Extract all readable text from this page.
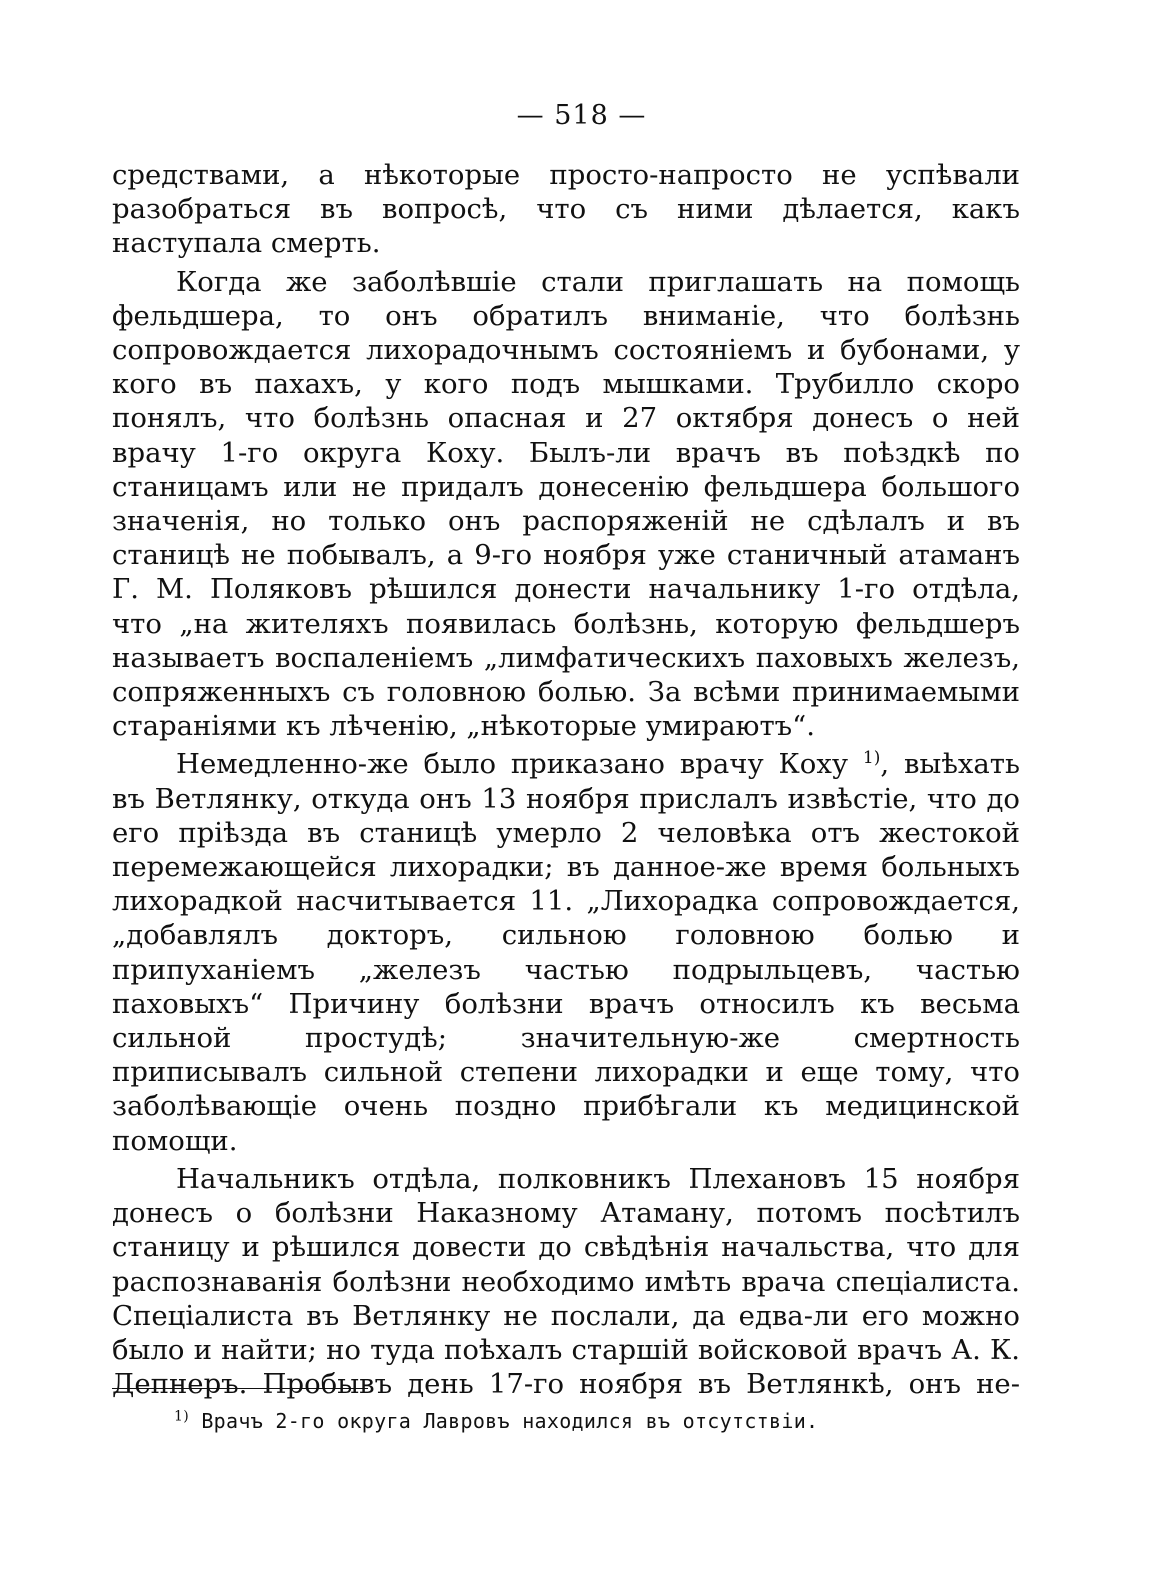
— 518 —

средствами, а нѣкоторые просто-напросто не успѣвали разобраться въ вопросѣ, что съ ними дѣлается, какъ наступала смерть.

Когда же заболѣвшіе стали приглашать на помощь фельдшера, то онъ обратилъ вниманіе, что болѣзнь сопровождается лихорадочнымъ состояніемъ и бубонами, у кого въ пахахъ, у кого подъ мышками. Трубилло скоро понялъ, что болѣзнь опасная и 27 октября донесъ о ней врачу 1-го округа Коху. Былъ-ли врачъ въ поѣздкѣ по станицамъ или не придалъ донесенію фельдшера большого значенія, но только онъ распоряженій не сдѣлалъ и въ станицѣ не побывалъ, а 9-го ноября уже станичный атаманъ Г. М. Поляковъ рѣшился донести начальнику 1-го отдѣла, что „на жителяхъ появилась болѣзнь, которую фельдшеръ называетъ воспаленіемъ „лимфатическихъ паховыхъ железъ, сопряженныхъ съ головною болью. За всѣми принимаемыми стараніями къ лѣченію, „нѣкоторые умираютъ“.

Немедленно-же было приказано врачу Коху $^{1)}$, выѣхать въ Ветлянку, откуда онъ 13 ноября прислалъ извѣстіе, что до его пріѣзда въ станицѣ умерло 2 человѣка отъ жестокой перемежающейся лихорадки; въ данное-же время больныхъ лихорадкой насчитывается 11. „Лихорадка сопровождается, „добавлялъ докторъ, сильною головною болью и припуханіемъ „железъ частью подрыльцевъ, частью паховыхъ“ Причину болѣзни врачъ относилъ къ весьма сильной простудѣ; значительную-же смертность приписывалъ сильной степени лихорадки и еще тому, что заболѣвающіе очень поздно прибѣгали къ медицинской помощи.

Начальникъ отдѣла, полковникъ Плехановъ 15 ноября донесъ о болѣзни Наказному Атаману, потомъ посѣтилъ станицу и рѣшился довести до свѣдѣнія начальства, что для распознаванія болѣзни необходимо имѣть врача спеціалиста. Спеціалиста въ Ветлянку не послали, да едва-ли его можно было и найти; но туда поѣхалъ старшій войсковой врачъ А. К. Депнеръ. Пробывъ день 17-го ноября въ Ветлянкѣ, онъ не-

$^{1)}$ Врачъ 2-го округа Лавровъ находился въ отсутствіи.
